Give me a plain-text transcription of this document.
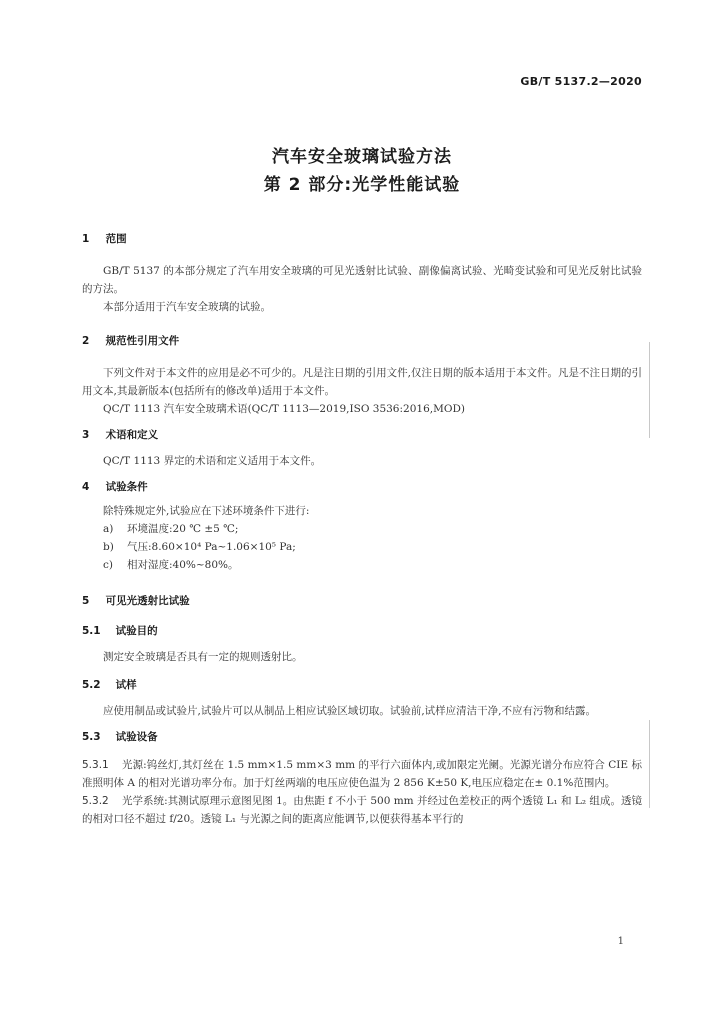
GB/T 5137.2—2020
汽车安全玻璃试验方法
第 2 部分:光学性能试验
1 范围
GB/T 5137 的本部分规定了汽车用安全玻璃的可见光透射比试验、副像偏离试验、光畸变试验和可见光反射比试验的方法。
本部分适用于汽车安全玻璃的试验。
2 规范性引用文件
下列文件对于本文件的应用是必不可少的。凡是注日期的引用文件,仅注日期的版本适用于本文件。凡是不注日期的引用文本,其最新版本(包括所有的修改单)适用于本文件。
QC/T 1113 汽车安全玻璃术语(QC/T 1113—2019,ISO 3536:2016,MOD)
3 术语和定义
QC/T 1113 界定的术语和定义适用于本文件。
4 试验条件
除特殊规定外,试验应在下述环境条件下进行:
a)	环境温度:20 ℃ ±5 ℃;
b)	气压:8.60×10⁴ Pa~1.06×10⁵ Pa;
c)	相对湿度:40%~80%。
5 可见光透射比试验
5.1 试验目的
测定安全玻璃是否具有一定的规则透射比。
5.2 试样
应使用制品或试验片,试验片可以从制品上相应试验区域切取。试验前,试样应清洁干净,不应有污物和结露。
5.3 试验设备
5.3.1 光源:钨丝灯,其灯丝在 1.5 mm×1.5 mm×3 mm 的平行六面体内,或加限定光阑。光源光谱分布应符合 CIE 标准照明体 A 的相对光谱功率分布。加于灯丝两端的电压应使色温为 2 856 K±50 K,电压应稳定在± 0.1%范围内。
5.3.2 光学系统:其测试原理示意图见图 1。由焦距 f 不小于 500 mm 并经过色差校正的两个透镜 L₁ 和 L₂ 组成。透镜的相对口径不超过 f/20。透镜 L₁ 与光源之间的距离应能调节,以便获得基本平行的
1
